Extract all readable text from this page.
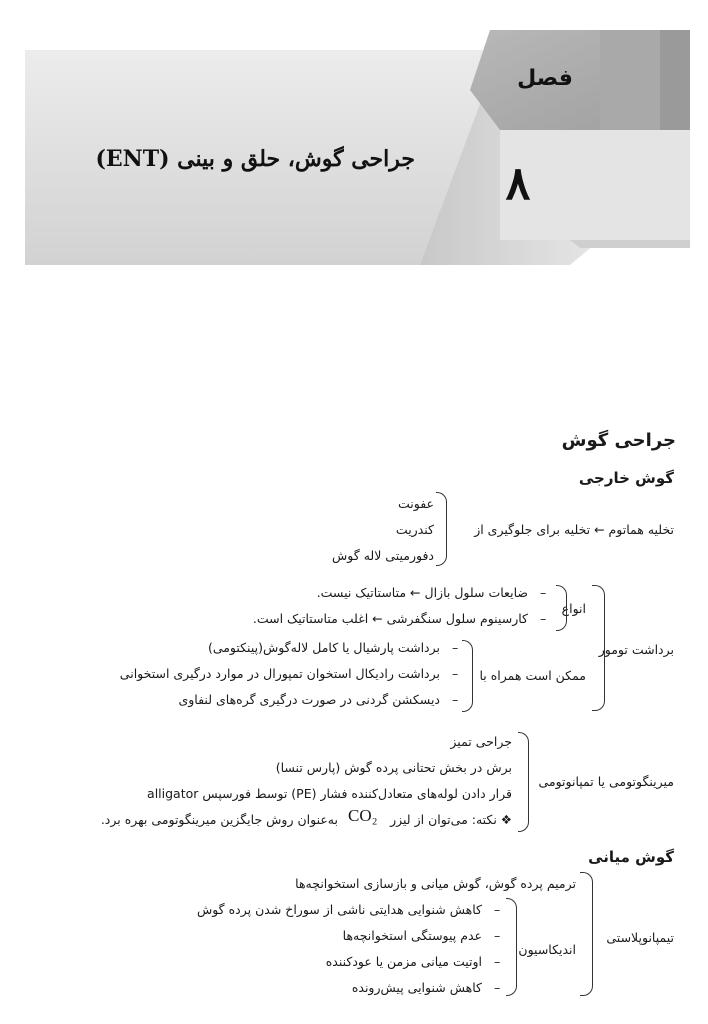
فصل
۸
جراحی گوش، حلق و بینی (ENT)
جراحی گوش
گوش خارجی
تخلیه هماتوم ← تخلیه برای جلوگیری از
عفونت
کندریت
دفورمیتی لاله گوش
برداشت تومور
انواع
–
–
ضایعات سلول بازال ← متاستاتیک نیست.
کارسینوم سلول سنگفرشی ← اغلب متاستاتیک است.
ممکن است همراه با
–
–
–
برداشت پارشیال یا کامل لاله‌گوش(پینکتومی)
برداشت رادیکال استخوان تمپورال در موارد درگیری استخوانی
دیسکشن گردنی در صورت درگیری گره‌های لنفاوی
میرینگوتومی یا تمپانوتومی
جراحی تمیز
برش در بخش تحتانی پرده گوش (پارس تنسا)
قرار دادن لوله‌های متعادل‌کننده فشار (PE) توسط فورسپس alligator
❖ نکته: می‌توان از لیزر
CO₂
به‌عنوان روش جایگزین میرینگوتومی بهره برد.
گوش میانی
تیمپانوپلاستی
ترمیم پرده گوش، گوش میانی و بازسازی استخوانچه‌ها
اندیکاسیون
–
–
–
–
کاهش شنوایی هدایتی ناشی از سوراخ شدن پرده گوش
عدم پیوستگی استخوانچه‌ها
اوتیت میانی مزمن یا عودکننده
کاهش شنوایی پیش‌رونده
